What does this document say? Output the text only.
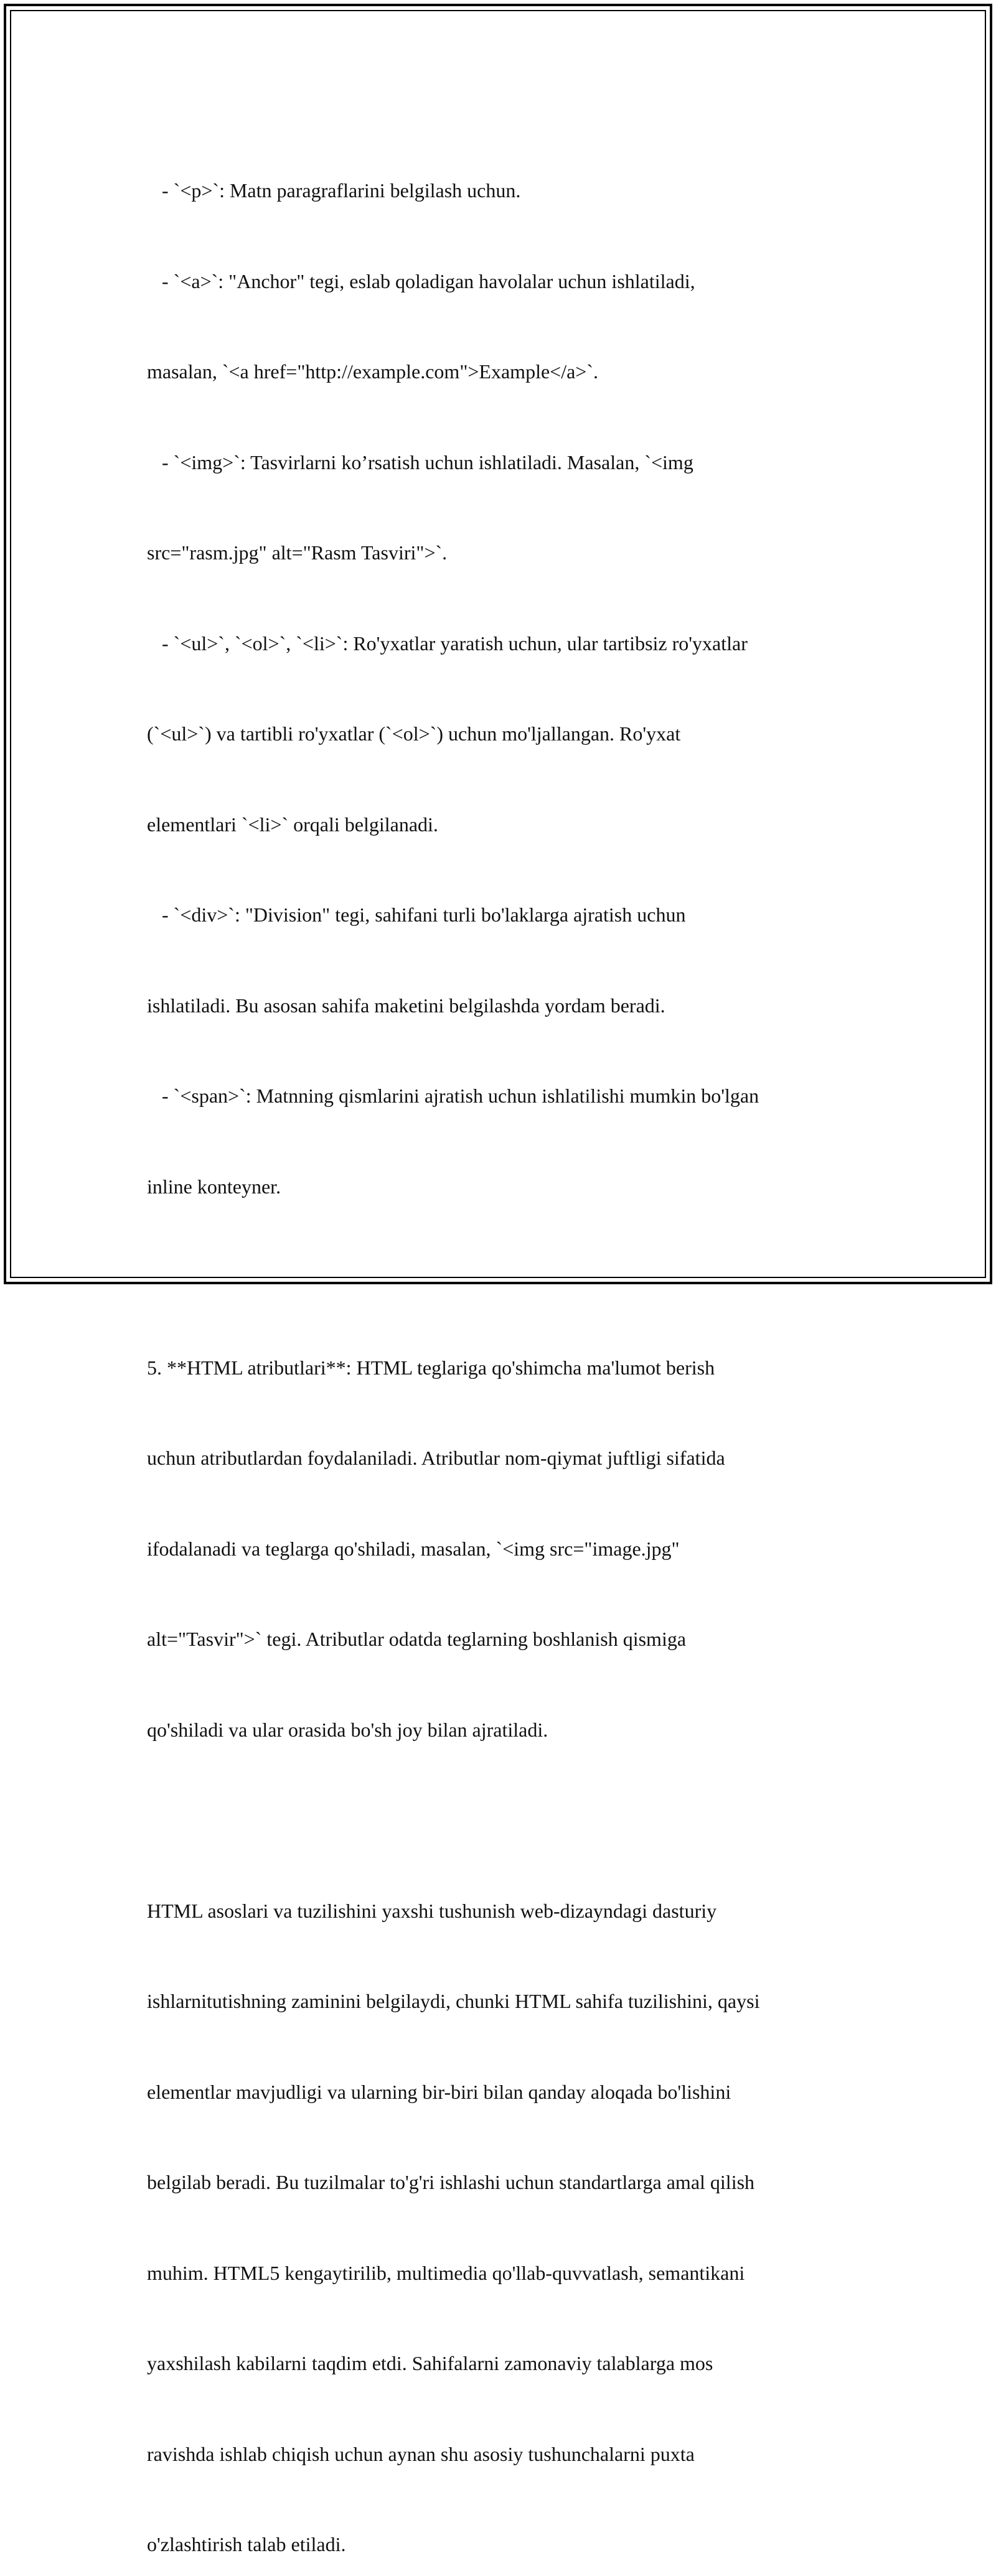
- `<p>`: Matn paragraflarini belgilash uchun.

- `<a>`: "Anchor" tegi, eslab qoladigan havolalar uchun ishlatiladi,

masalan, `<a href="http://example.com">Example</a>`.

- `<img>`: Tasvirlarni ko’rsatish uchun ishlatiladi. Masalan, `<img

src="rasm.jpg" alt="Rasm Tasviri">`.

- `<ul>`, `<ol>`, `<li>`: Ro'yxatlar yaratish uchun, ular tartibsiz ro'yxatlar

(`<ul>`) va tartibli ro'yxatlar (`<ol>`) uchun mo'ljallangan. Ro'yxat

elementlari `<li>` orqali belgilanadi.

- `<div>`: "Division" tegi, sahifani turli bo'laklarga ajratish uchun

ishlatiladi. Bu asosan sahifa maketini belgilashda yordam beradi.

- `<span>`: Matnning qismlarini ajratish uchun ishlatilishi mumkin bo'lgan

inline konteyner.

5. **HTML atributlari**: HTML teglariga qo'shimcha ma'lumot berish

uchun atributlardan foydalaniladi. Atributlar nom-qiymat juftligi sifatida

ifodalanadi va teglarga qo'shiladi, masalan, `<img src="image.jpg"

alt="Tasvir">` tegi. Atributlar odatda teglarning boshlanish qismiga

qo'shiladi va ular orasida bo'sh joy bilan ajratiladi.

HTML asoslari va tuzilishini yaxshi tushunish web-dizayndagi dasturiy

ishlarnitutishning zaminini belgilaydi, chunki HTML sahifa tuzilishini, qaysi

elementlar mavjudligi va ularning bir-biri bilan qanday aloqada bo'lishini

belgilab beradi. Bu tuzilmalar to'g'ri ishlashi uchun standartlarga amal qilish

muhim. HTML5 kengaytirilib, multimedia qo'llab-quvvatlash, semantikani

yaxshilash kabilarni taqdim etdi. Sahifalarni zamonaviy talablarga mos

ravishda ishlab chiqish uchun aynan shu asosiy tushunchalarni puxta

o'zlashtirish talab etiladi.
